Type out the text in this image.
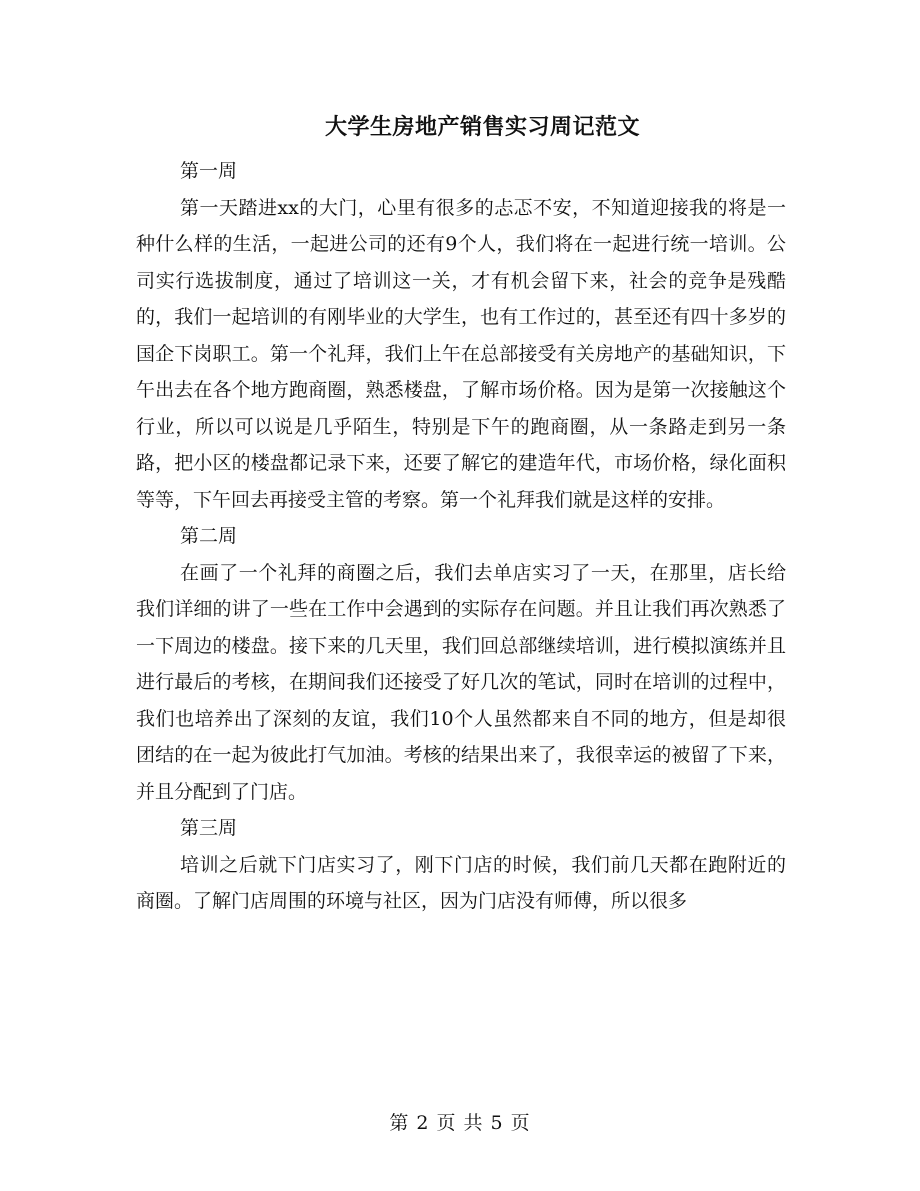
大学生房地产销售实习周记范文

第一周

第一天踏进xx的大门，心里有很多的忐忑不安，不知道迎接我的将是一种什么样的生活，一起进公司的还有9个人，我们将在一起进行统一培训。公司实行选拔制度，通过了培训这一关，才有机会留下来，社会的竞争是残酷的，我们一起培训的有刚毕业的大学生，也有工作过的，甚至还有四十多岁的国企下岗职工。第一个礼拜，我们上午在总部接受有关房地产的基础知识，下午出去在各个地方跑商圈，熟悉楼盘，了解市场价格。因为是第一次接触这个行业，所以可以说是几乎陌生，特别是下午的跑商圈，从一条路走到另一条路，把小区的楼盘都记录下来，还要了解它的建造年代，市场价格，绿化面积等等，下午回去再接受主管的考察。第一个礼拜我们就是这样的安排。

第二周

在画了一个礼拜的商圈之后，我们去单店实习了一天，在那里，店长给我们详细的讲了一些在工作中会遇到的实际存在问题。并且让我们再次熟悉了一下周边的楼盘。接下来的几天里，我们回总部继续培训，进行模拟演练并且进行最后的考核，在期间我们还接受了好几次的笔试，同时在培训的过程中，我们也培养出了深刻的友谊，我们10个人虽然都来自不同的地方，但是却很团结的在一起为彼此打气加油。考核的结果出来了，我很幸运的被留了下来，并且分配到了门店。

第三周

培训之后就下门店实习了，刚下门店的时候，我们前几天都在跑附近的商圈。了解门店周围的环境与社区，因为门店没有师傅，所以很多

第 2 页 共 5 页
